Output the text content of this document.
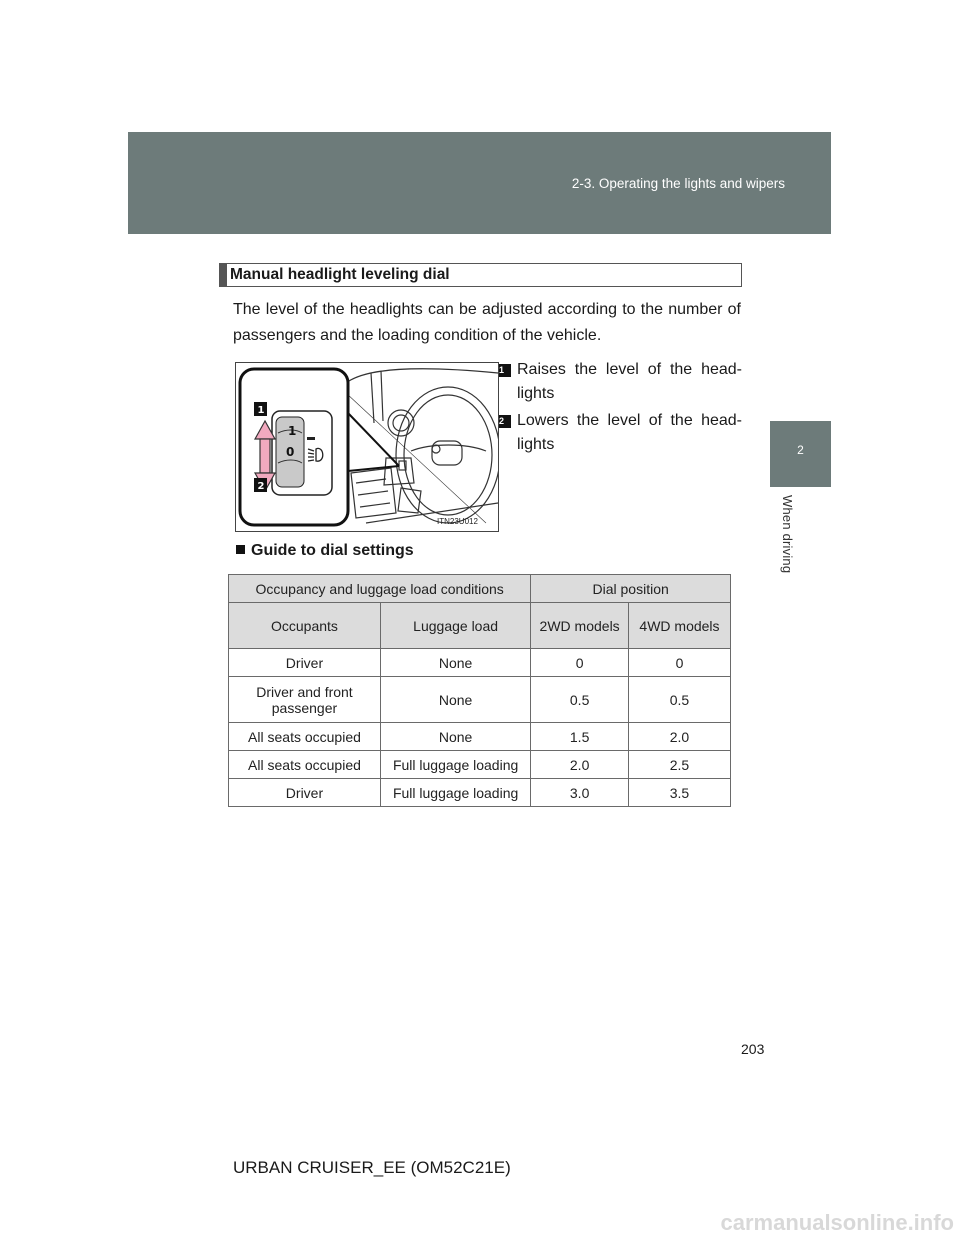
2-3. Operating the lights and wipers
2
When driving
Manual headlight leveling dial
The level of the headlights can be adjusted according to the number of passengers and the loading condition of the vehicle.
1
0
1
2
ITN23U012
1 Raises the level of the head-lights
2 Lowers the level of the head-lights
Guide to dial settings
Occupancy and luggage load conditions		Dial position	
Occupants	Luggage load	2WD models	4WD models
Driver	None	0	0
Driver and front passenger	None	0.5	0.5
All seats occupied	None	1.5	2.0
All seats occupied	Full luggage loading	2.0	2.5
Driver	Full luggage loading	3.0	3.5
203
URBAN CRUISER_EE (OM52C21E)
carmanualsonline.info
